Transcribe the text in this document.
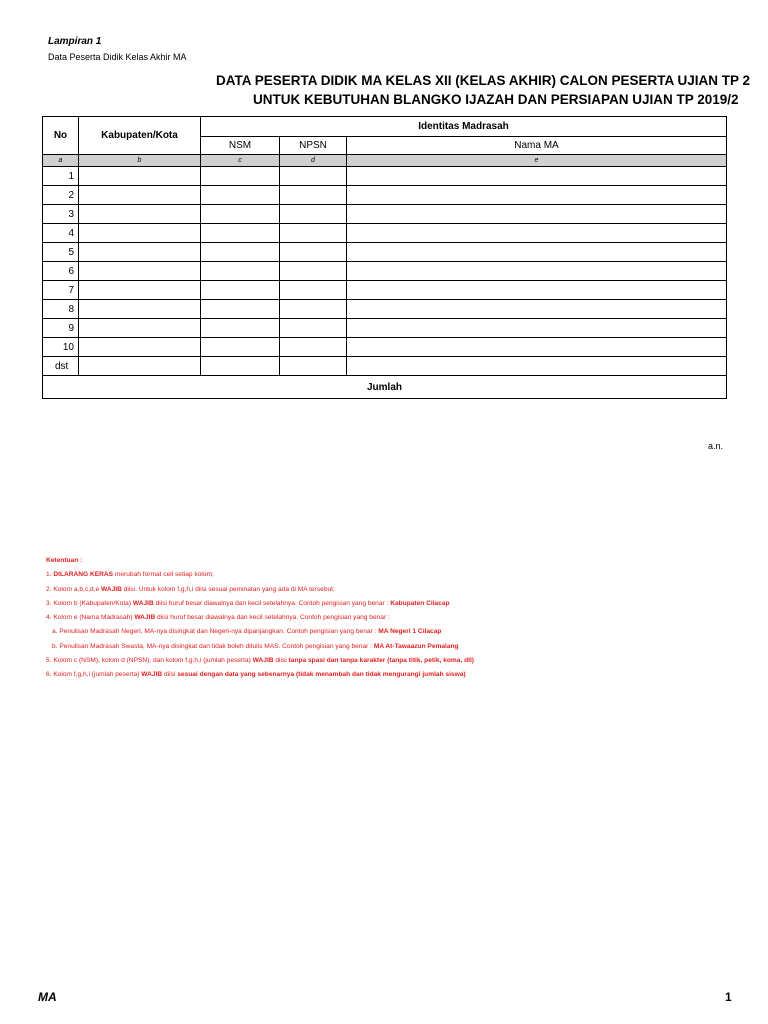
Lampiran 1
Data Peserta Didik Kelas Akhir MA
DATA PESERTA DIDIK MA KELAS XII (KELAS AKHIR) CALON PESERTA UJIAN TP 2
UNTUK KEBUTUHAN BLANGKO IJAZAH DAN PERSIAPAN UJIAN TP 2019/2
No	Kabupaten/Kota	Identitas Madrasah		
		NSM	NPSN	Nama MA
a	b	c	d	e
1				
2				
3				
4				
5				
6				
7				
8				
9				
10				
dst				
Jumlah				
a.n.
Ketentuan :
1. DILARANG KERAS merubah format cell setiap kolom;
2. Kolom a,b,c,d,e WAJIB diisi. Untuk kolom f,g,h,i diisi sesuai peminatan yang ada di MA tersebut;
3. Kolom b (Kabupaten/Kota) WAJIB diisi huruf besar diawalnya dan kecil setelahnya. Contoh pengisian yang benar : Kabupaten Cilacap
4. Kolom e (Nama Madrasah) WAJIB diisi huruf besar diawalnya dan kecil setelahnya. Contoh pengisian yang benar :
a. Penulisan Madrasah Negeri, MA-nya disingkat dan Negeri-nya dipanjangkan. Contoh pengisian yang benar : MA Negeri 1 Cilacap
b. Penulisan Madrasah Swasta, MA-nya disingkat dan tidak boleh ditulis MAS. Contoh pengisian yang benar : MA At-Tawaazun Pemalang
5. Kolom c (NSM), kolom d (NPSN), dan kolom f,g,h,i (jumlah peserta) WAJIB diisi tanpa spasi dan tanpa karakter (tanpa titik, petik, koma, dll)
6. Kolom f,g,h,i (jumlah peserta) WAJIB diisi sesuai dengan data yang sebenarnya (tidak menambah dan tidak mengurangi jumlah siswa)
MA	1
